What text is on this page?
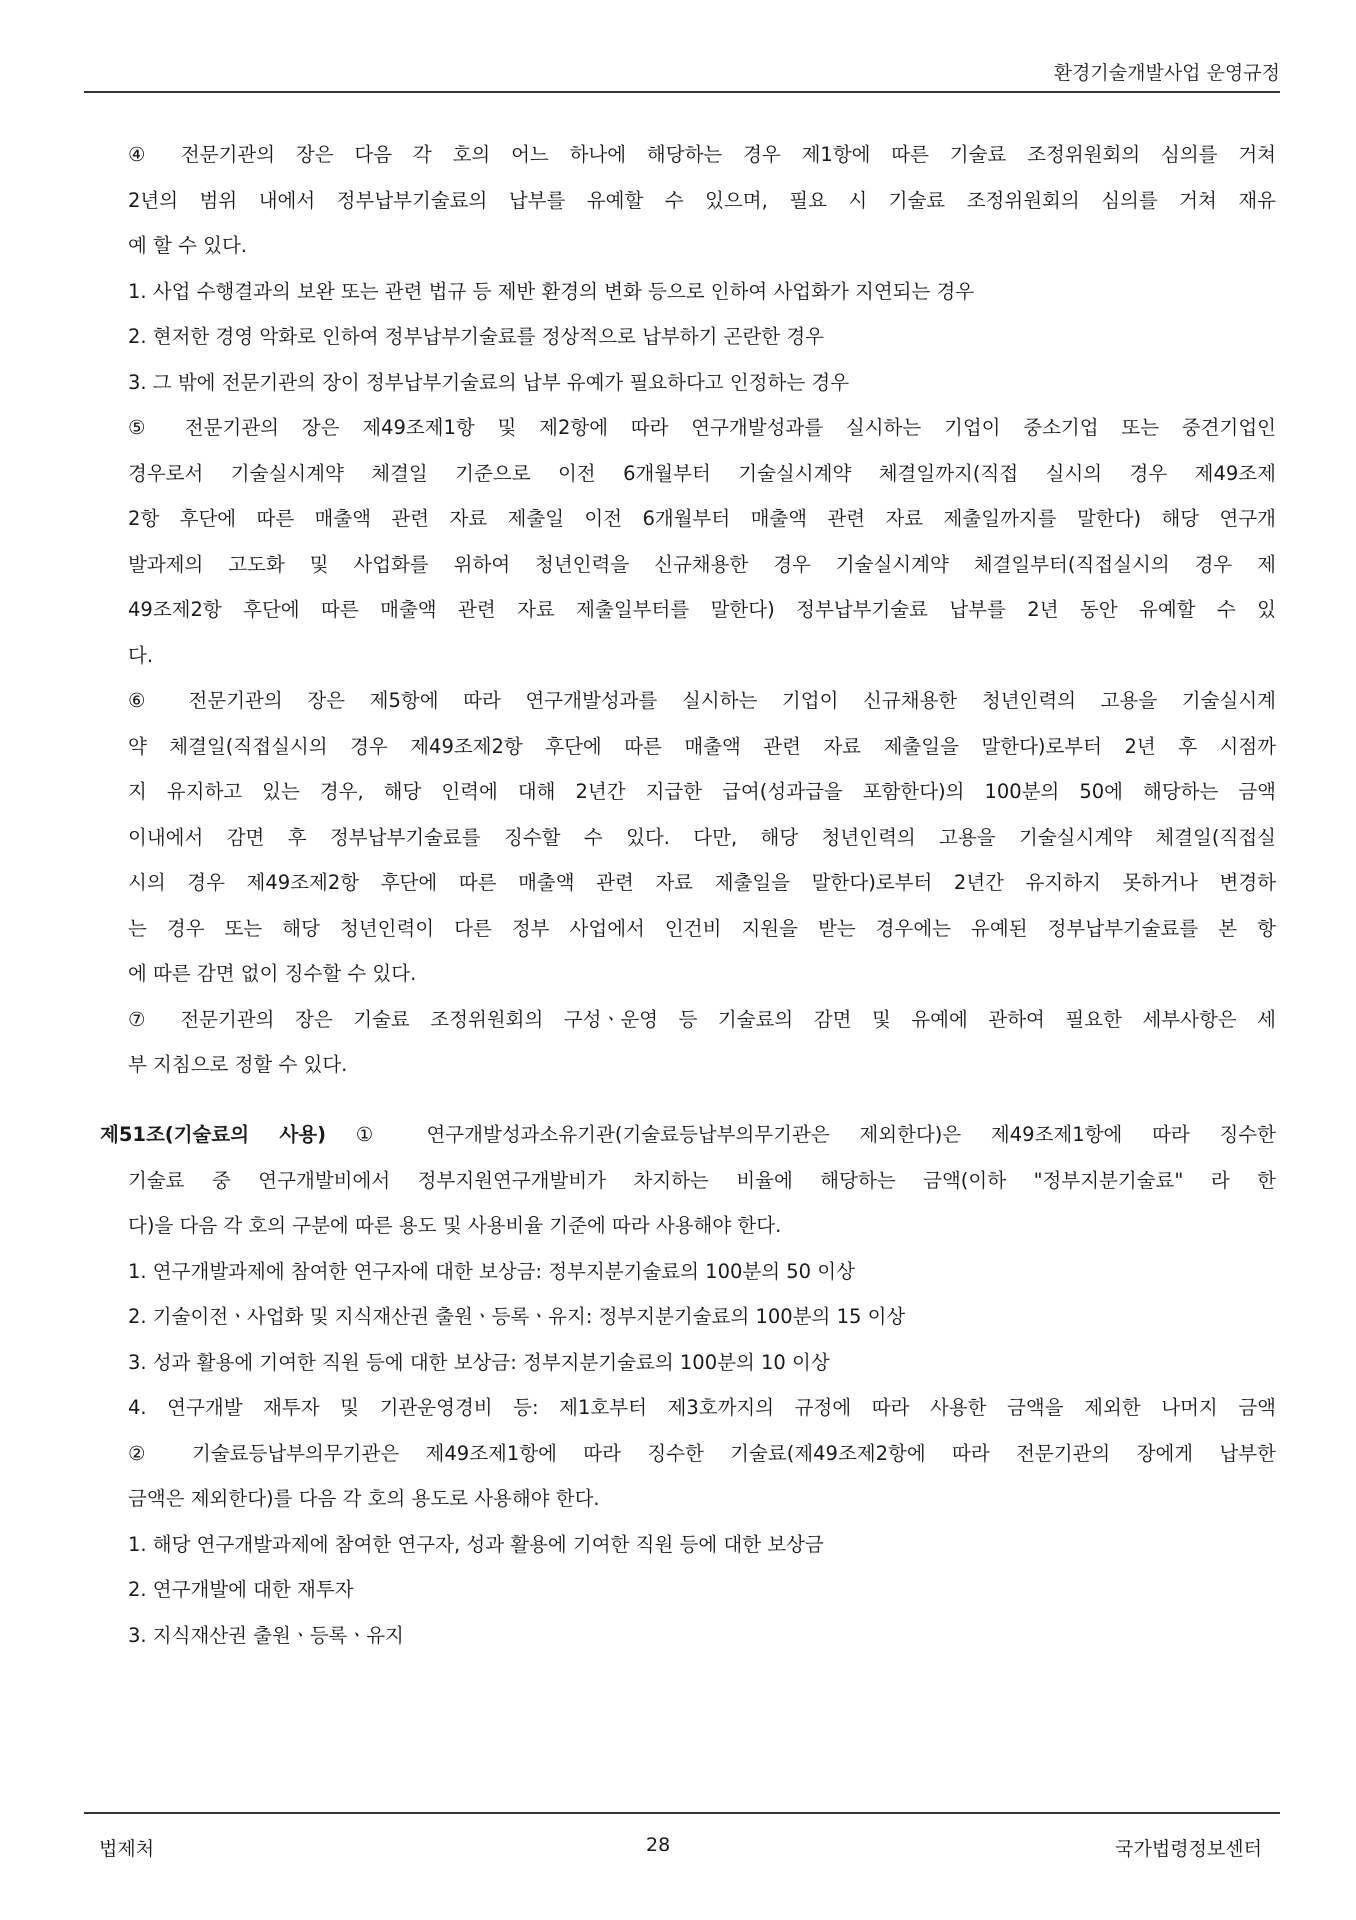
환경기술개발사업 운영규정
④ 전문기관의 장은 다음 각 호의 어느 하나에 해당하는 경우 제1항에 따른 기술료 조정위원회의 심의를 거쳐
2년의 범위 내에서 정부납부기술료의 납부를 유예할 수 있으며, 필요 시 기술료 조정위원회의 심의를 거쳐 재유
예 할 수 있다.
1. 사업 수행결과의 보완 또는 관련 법규 등 제반 환경의 변화 등으로 인하여 사업화가 지연되는 경우
2. 현저한 경영 악화로 인하여 정부납부기술료를 정상적으로 납부하기 곤란한 경우
3. 그 밖에 전문기관의 장이 정부납부기술료의 납부 유예가 필요하다고 인정하는 경우
⑤ 전문기관의 장은 제49조제1항 및 제2항에 따라 연구개발성과를 실시하는 기업이 중소기업 또는 중견기업인
경우로서 기술실시계약 체결일 기준으로 이전 6개월부터 기술실시계약 체결일까지(직접 실시의 경우 제49조제
2항 후단에 따른 매출액 관련 자료 제출일 이전 6개월부터 매출액 관련 자료 제출일까지를 말한다) 해당 연구개
발과제의 고도화 및 사업화를 위하여 청년인력을 신규채용한 경우 기술실시계약 체결일부터(직접실시의 경우 제
49조제2항 후단에 따른 매출액 관련 자료 제출일부터를 말한다) 정부납부기술료 납부를 2년 동안 유예할 수 있
다.
⑥ 전문기관의 장은 제5항에 따라 연구개발성과를 실시하는 기업이 신규채용한 청년인력의 고용을 기술실시계
약 체결일(직접실시의 경우 제49조제2항 후단에 따른 매출액 관련 자료 제출일을 말한다)로부터 2년 후 시점까
지 유지하고 있는 경우, 해당 인력에 대해 2년간 지급한 급여(성과급을 포함한다)의 100분의 50에 해당하는 금액
이내에서 감면 후 정부납부기술료를 징수할 수 있다. 다만, 해당 청년인력의 고용을 기술실시계약 체결일(직접실
시의 경우 제49조제2항 후단에 따른 매출액 관련 자료 제출일을 말한다)로부터 2년간 유지하지 못하거나 변경하
는 경우 또는 해당 청년인력이 다른 정부 사업에서 인건비 지원을 받는 경우에는 유예된 정부납부기술료를 본 항
에 따른 감면 없이 징수할 수 있다.
⑦ 전문기관의 장은 기술료 조정위원회의 구성ㆍ운영 등 기술료의 감면 및 유예에 관하여 필요한 세부사항은 세
부 지침으로 정할 수 있다.
제51조(기술료의 사용) ① 연구개발성과소유기관(기술료등납부의무기관은 제외한다)은 제49조제1항에 따라 징수한
기술료 중 연구개발비에서 정부지원연구개발비가 차지하는 비율에 해당하는 금액(이하 "정부지분기술료" 라 한
다)을 다음 각 호의 구분에 따른 용도 및 사용비율 기준에 따라 사용해야 한다.
1. 연구개발과제에 참여한 연구자에 대한 보상금: 정부지분기술료의 100분의 50 이상
2. 기술이전ㆍ사업화 및 지식재산권 출원ㆍ등록ㆍ유지: 정부지분기술료의 100분의 15 이상
3. 성과 활용에 기여한 직원 등에 대한 보상금: 정부지분기술료의 100분의 10 이상
4. 연구개발 재투자 및 기관운영경비 등: 제1호부터 제3호까지의 규정에 따라 사용한 금액을 제외한 나머지 금액
② 기술료등납부의무기관은 제49조제1항에 따라 징수한 기술료(제49조제2항에 따라 전문기관의 장에게 납부한
금액은 제외한다)를 다음 각 호의 용도로 사용해야 한다.
1. 해당 연구개발과제에 참여한 연구자, 성과 활용에 기여한 직원 등에 대한 보상금
2. 연구개발에 대한 재투자
3. 지식재산권 출원ㆍ등록ㆍ유지
법제처	28	국가법령정보센터
